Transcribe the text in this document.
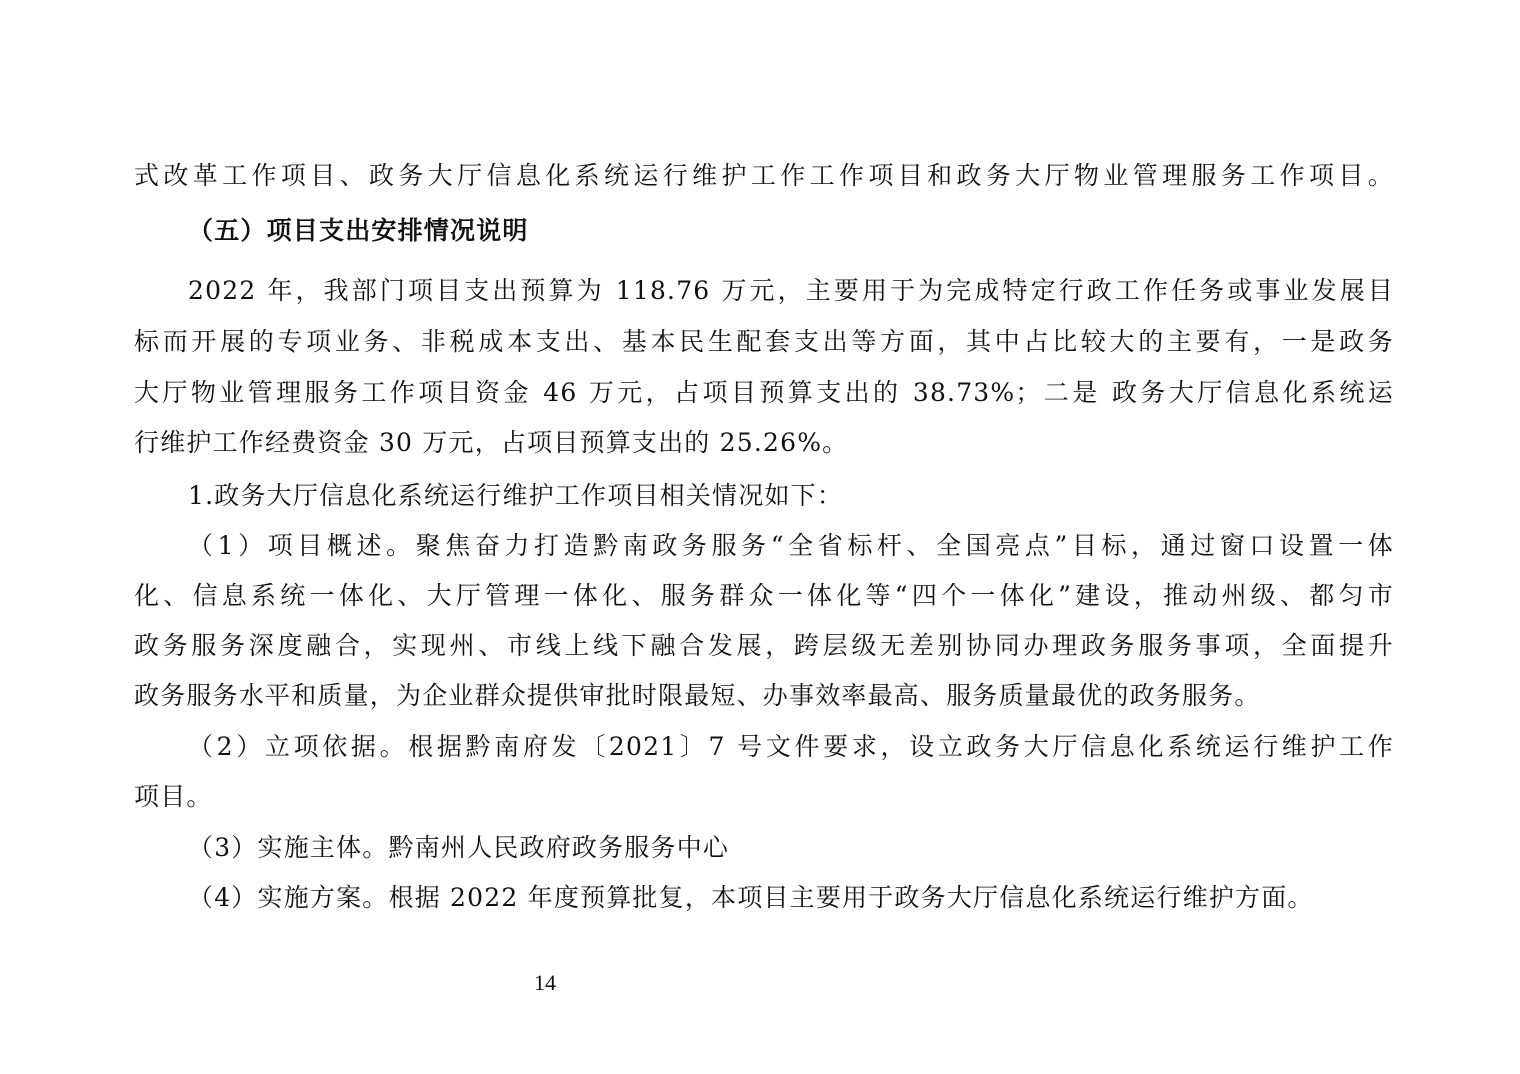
式改革工作项目、政务大厅信息化系统运行维护工作工作项目和政务大厅物业管理服务工作项目。
（五）项目支出安排情况说明
2022 年，我部门项目支出预算为 118.76 万元，主要用于为完成特定行政工作任务或事业发展目
标而开展的专项业务、非税成本支出、基本民生配套支出等方面，其中占比较大的主要有，一是政务
大厅物业管理服务工作项目资金 46 万元，占项目预算支出的 38.73%；二是 政务大厅信息化系统运
行维护工作经费资金 30 万元，占项目预算支出的 25.26%。
1.政务大厅信息化系统运行维护工作项目相关情况如下：
（1）项目概述。聚焦奋力打造黔南政务服务“全省标杆、全国亮点”目标，通过窗口设置一体
化、信息系统一体化、大厅管理一体化、服务群众一体化等“四个一体化”建设，推动州级、都匀市
政务服务深度融合，实现州、市线上线下融合发展，跨层级无差别协同办理政务服务事项，全面提升
政务服务水平和质量，为企业群众提供审批时限最短、办事效率最高、服务质量最优的政务服务。
（2）立项依据。根据黔南府发〔2021〕7 号文件要求，设立政务大厅信息化系统运行维护工作
项目。
（3）实施主体。黔南州人民政府政务服务中心
（4）实施方案。根据 2022 年度预算批复，本项目主要用于政务大厅信息化系统运行维护方面。
14
